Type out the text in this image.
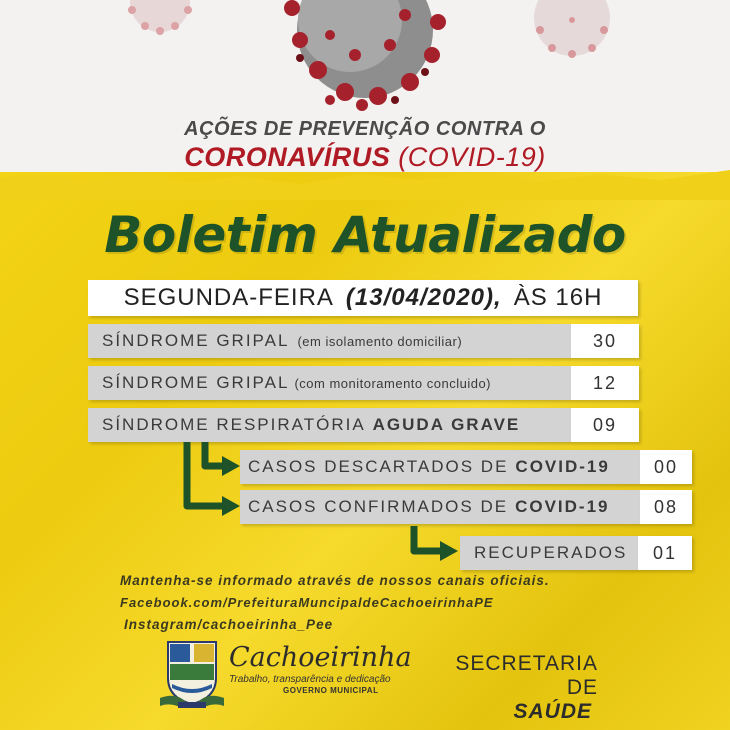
AÇÕES DE PREVENÇÃO CONTRA O
CORONAVÍRUS (COVID-19)
Boletim Atualizado
SEGUNDA-FEIRA (13/04/2020), ÀS 16H
SÍNDROME GRIPAL (em isolamento domiciliar)	30
SÍNDROME GRIPAL (com monitoramento concluido)	12
SÍNDROME RESPIRATÓRIA AGUDA GRAVE	09
CASOS DESCARTADOS DE COVID-19	00
CASOS CONFIRMADOS DE COVID-19	08
RECUPERADOS	01
Mantenha-se informado através de nossos canais oficiais.
Facebook.com/PrefeituraMuncipaldeCachoeirinhaPE
Instagram/cachoeirinha_Pee
Cachoeirinha
Trabalho, transparência e dedicação
GOVERNO MUNICIPAL
SECRETARIA DE
SAÚDE
